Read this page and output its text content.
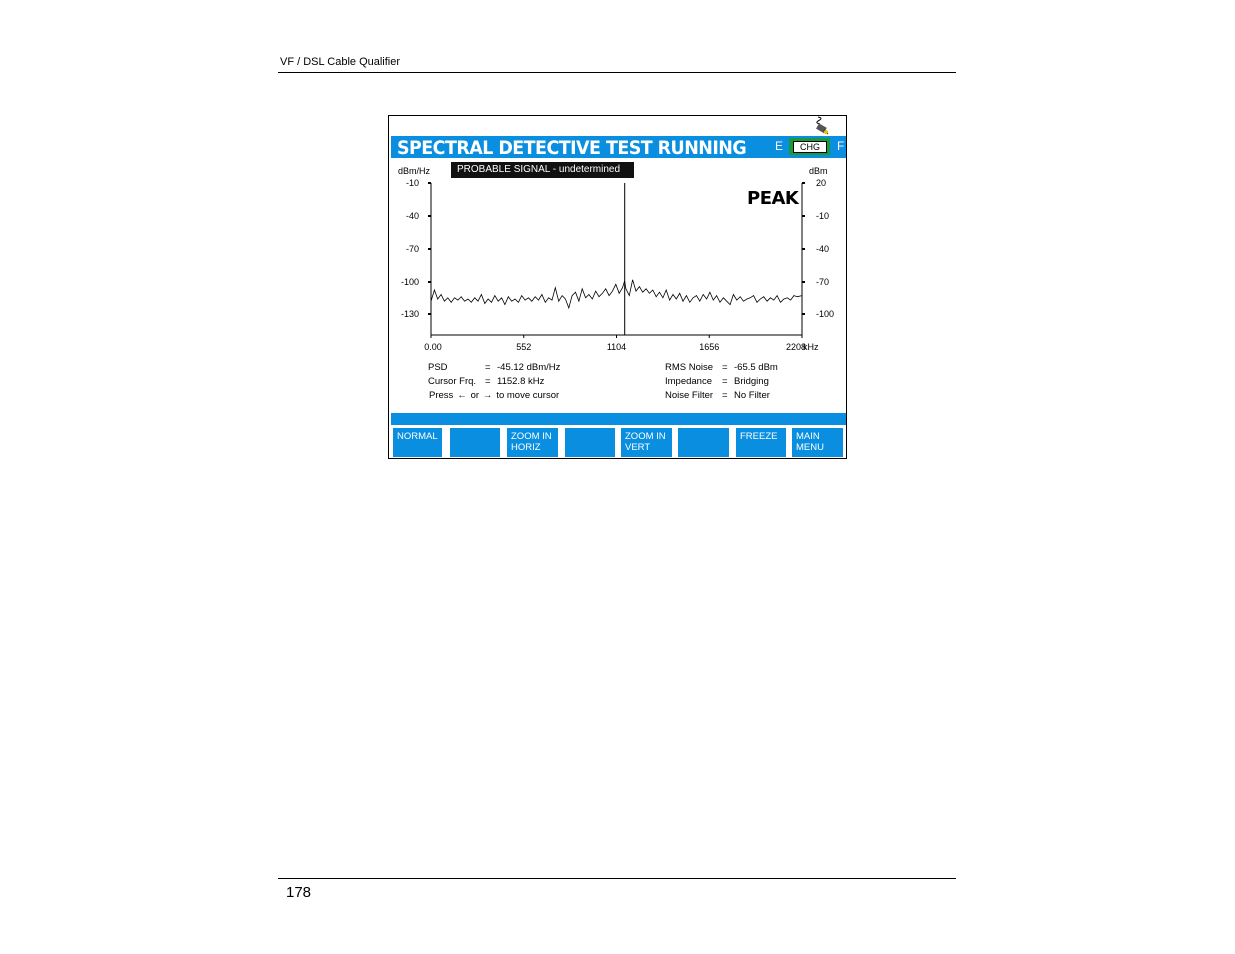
VF / DSL Cable Qualifier
SPECTRAL DETECTIVE TEST RUNNING E	CHG	F
PROBABLE SIGNAL - undetermined
dBm/Hz	dBm
PEAK
-10
-40
-70
-100
-130
20
-10
-40
-70
-100
0.00	552	1104	1656	2208
kHz
PSD	= -45.12 dBm/Hz
Cursor Frq. = 1152.8 kHz
Press ← or → to move cursor
RMS Noise = -65.5 dBm
Impedance = Bridging
Noise Filter = No Filter
NORMAL	ZOOM IN
HORIZ
ZOOM IN
VERT
FREEZE	MAIN
MENU
178
